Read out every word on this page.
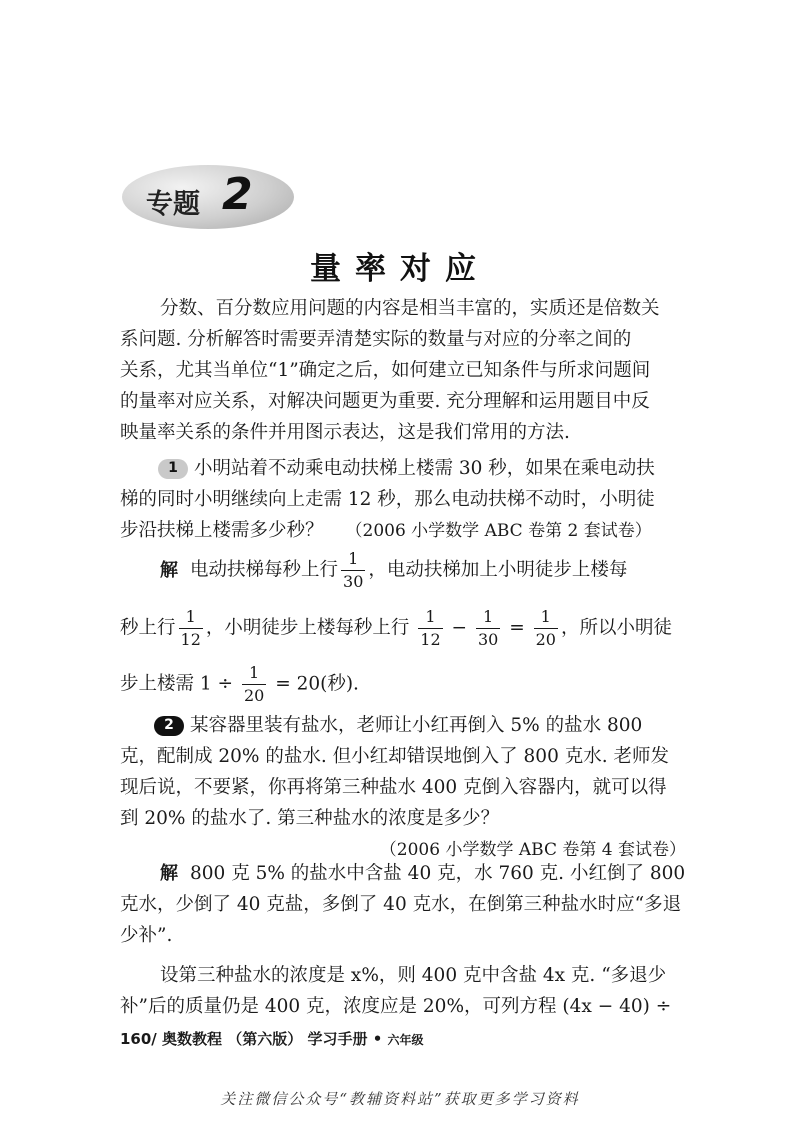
专题 2
量率对应
分数、百分数应用问题的内容是相当丰富的，实质还是倍数关
系问题. 分析解答时需要弄清楚实际的数量与对应的分率之间的
关系，尤其当单位“1”确定之后，如何建立已知条件与所求问题间
的量率对应关系，对解决问题更为重要. 充分理解和运用题目中反
映量率关系的条件并用图示表达，这是我们常用的方法.
1 小明站着不动乘电动扶梯上楼需 30 秒，如果在乘电动扶
梯的同时小明继续向上走需 12 秒，那么电动扶梯不动时，小明徒
步沿扶梯上楼需多少秒？ （2006 小学数学 ABC 卷第 2 套试卷）
解 电动扶梯每秒上行 $\frac{1}{30}$ ，电动扶梯加上小明徒步上楼每
秒上行 $\frac{1}{12}$ ，小明徒步上楼每秒上行 $\frac{1}{12} - \frac{1}{30} = \frac{1}{20}$ ，所以小明徒
步上楼需 $1 \div \frac{1}{20} = 20$(秒).
2 某容器里装有盐水，老师让小红再倒入 5% 的盐水 800
克，配制成 20% 的盐水. 但小红却错误地倒入了 800 克水. 老师发
现后说，不要紧，你再将第三种盐水 400 克倒入容器内，就可以得
到 20% 的盐水了. 第三种盐水的浓度是多少？
（2006 小学数学 ABC 卷第 4 套试卷）
解 800 克 5% 的盐水中含盐 40 克，水 760 克. 小红倒了 800
克水，少倒了 40 克盐，多倒了 40 克水，在倒第三种盐水时应“多退
少补”.
设第三种盐水的浓度是 x%，则 400 克中含盐 4x 克. “多退少
补”后的质量仍是 400 克，浓度应是 20%，可列方程 (4x − 40) ÷
160/ 奥数教程 （第六版） 学习手册 • 六年级
关注微信公众号“教辅资料站”获取更多学习资料
